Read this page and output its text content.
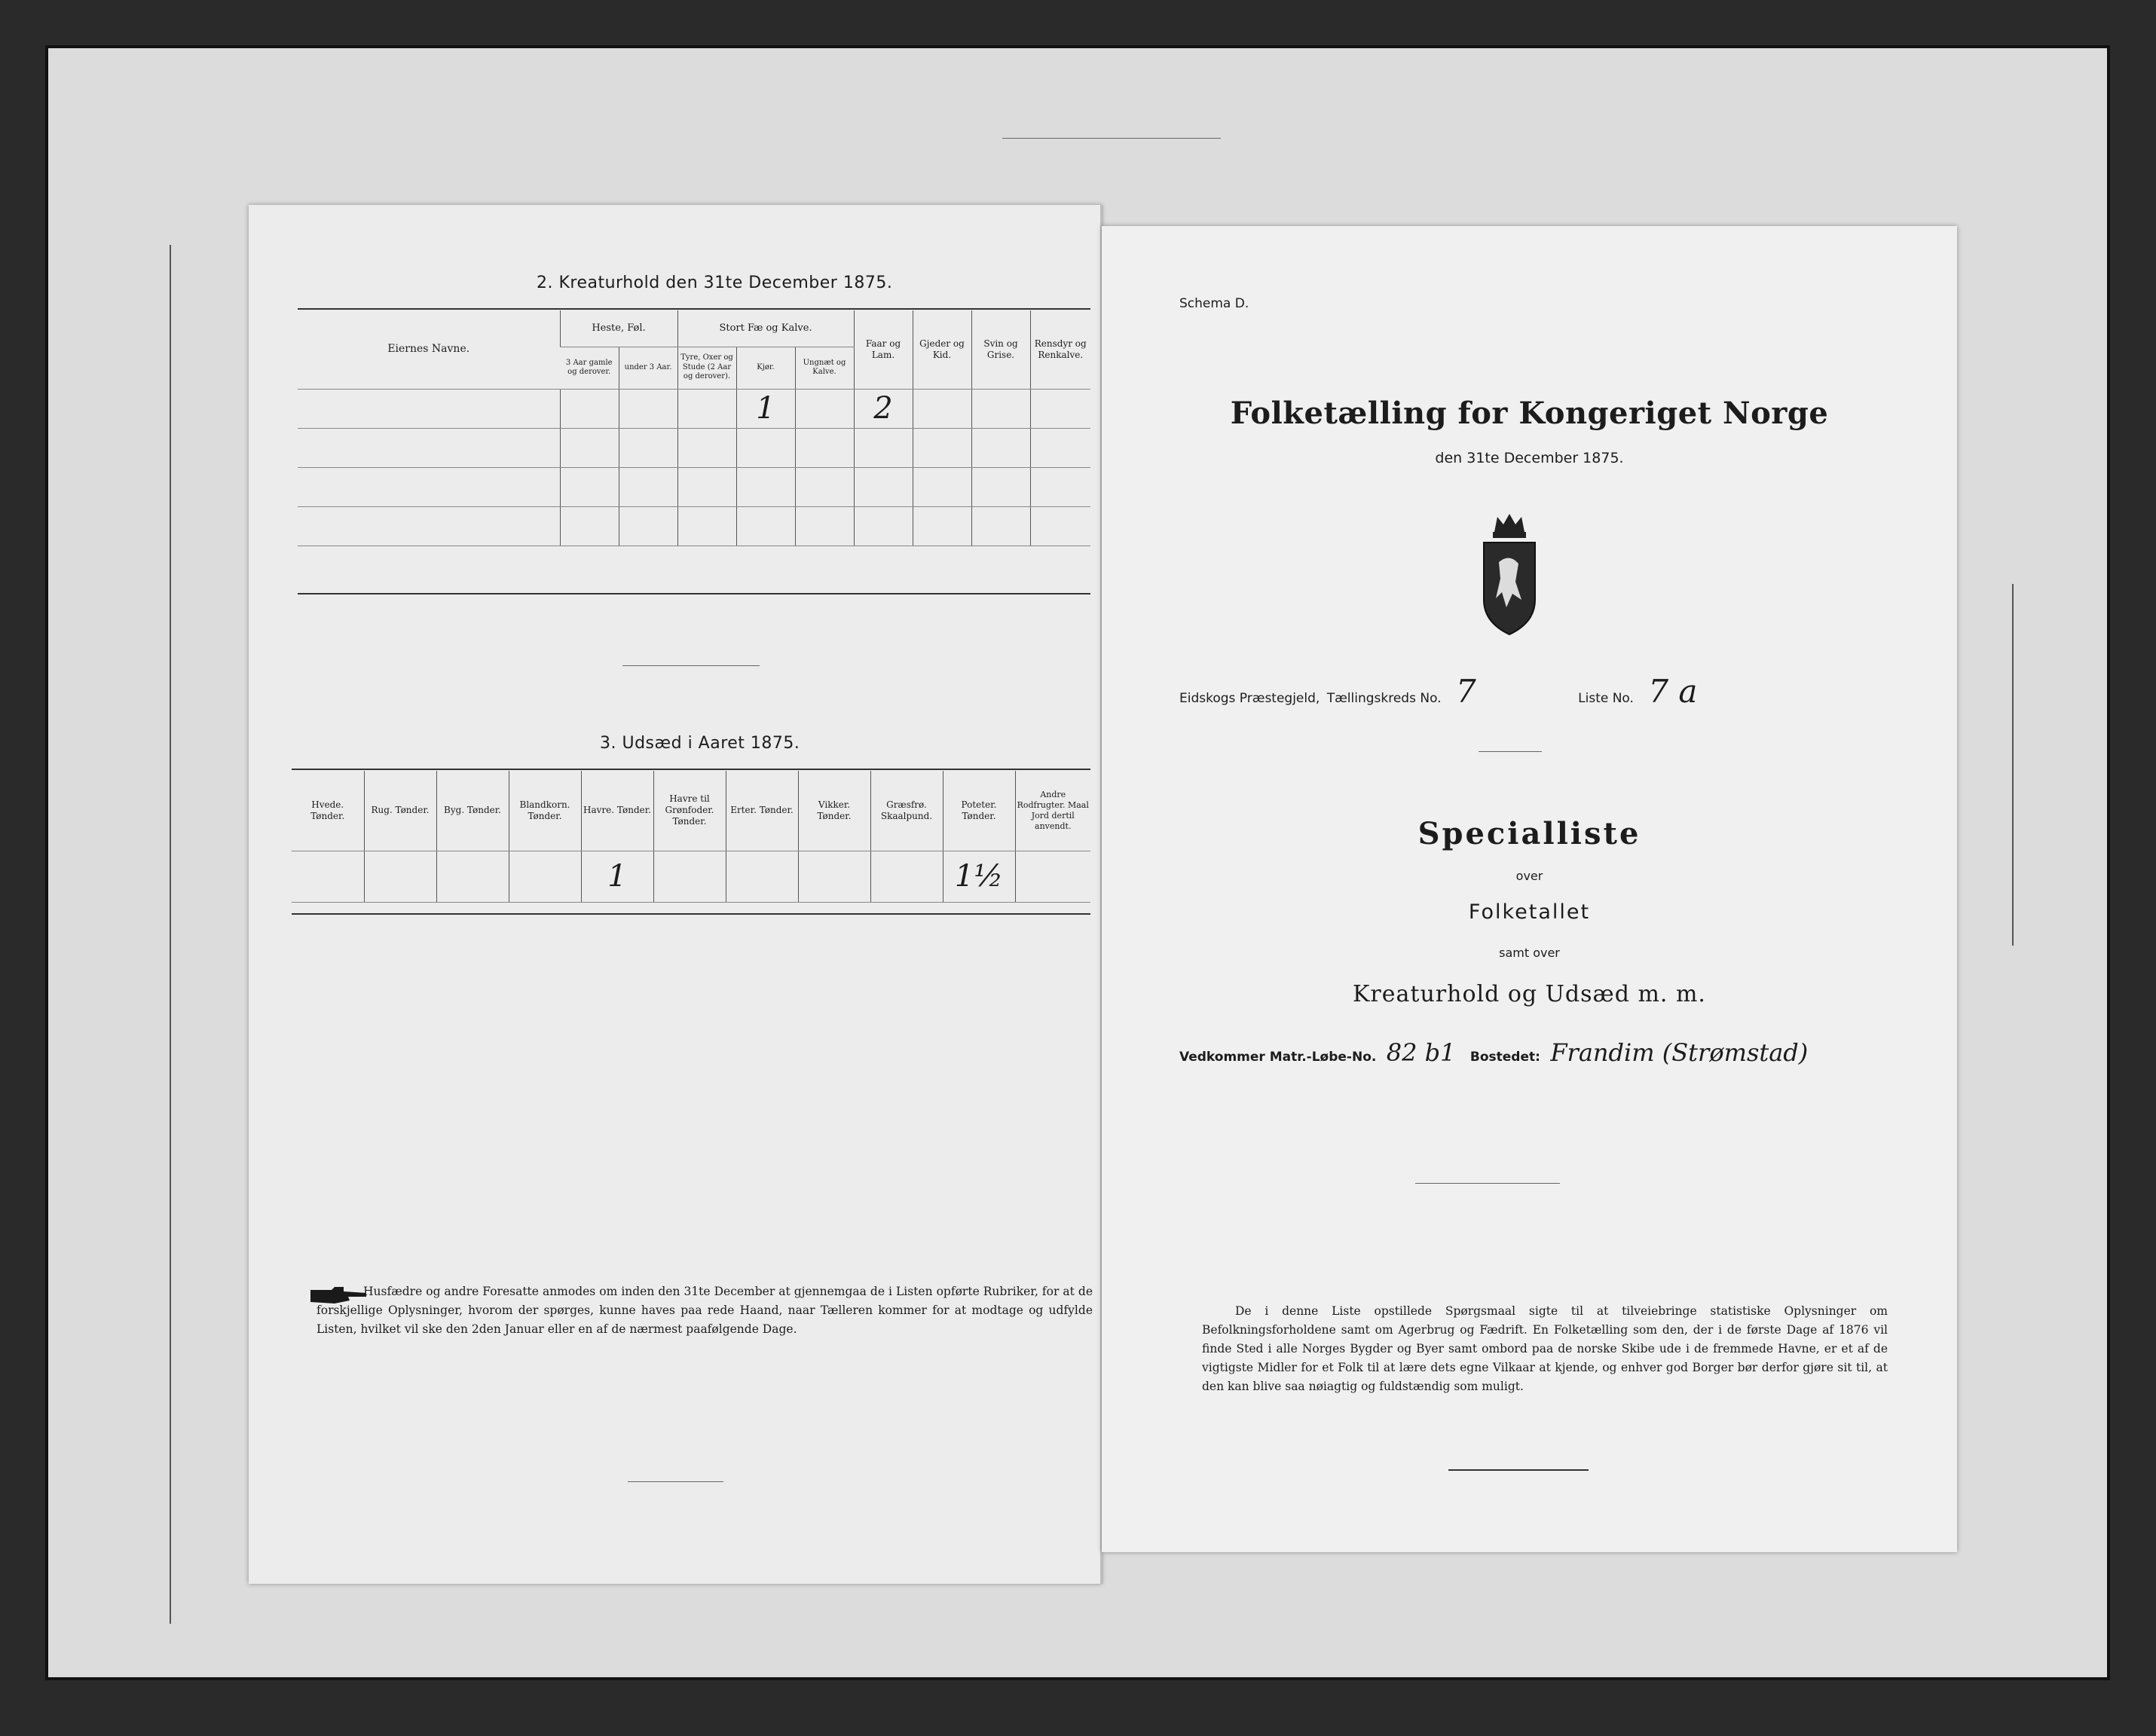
2. Kreaturhold den 31te December 1875.
Eiernes Navne.	Heste, Føl.		Stort Fæ og Kalve.			Faar og Lam.	Gjeder og Kid.	Svin og Grise.	Rensdyr og Renkalve.
	3 Aar gamle og derover.	under 3 Aar.	Tyre, Oxer og Stude (2 Aar og derover).	Kjør.	Ungnæt og Kalve.				
				1		2			

3. Udsæd i Aaret 1875.
Hvede. Tønder.	Rug. Tønder.	Byg. Tønder.	Blandkorn. Tønder.	Havre. Tønder.	Havre til Grønfoder. Tønder.	Erter. Tønder.	Vikker. Tønder.	Græsfrø. Skaalpund.	Poteter. Tønder.	Andre Rodfrugter. Maal Jord dertil anvendt.
				1					1½	
Husfædre og andre Foresatte anmodes om inden den 31te December at gjennemgaa de i Listen opførte Rubriker, for at de forskjellige Oplysninger, hvorom der spørges, kunne haves paa rede Haand, naar Tælleren kommer for at modtage og udfylde Listen, hvilket vil ske den 2den Januar eller en af de nærmest paafølgende Dage.
Schema D.
Folketælling for Kongeriget Norge
den 31te December 1875.
Eidskogs Præstegjeld, Tællingskreds No. 7	Liste No. 7 a
Specialliste
over
Folketallet
samt over
Kreaturhold og Udsæd m. m.
Vedkommer Matr.-Løbe-No. 82 b1 Bostedet: Frandim (Strømstad)
De i denne Liste opstillede Spørgsmaal sigte til at tilveiebringe statistiske Oplysninger om Befolkningsforholdene samt om Agerbrug og Fædrift. En Folketælling som den, der i de første Dage af 1876 vil finde Sted i alle Norges Bygder og Byer samt ombord paa de norske Skibe ude i de fremmede Havne, er et af de vigtigste Midler for et Folk til at lære dets egne Vilkaar at kjende, og enhver god Borger bør derfor gjøre sit til, at den kan blive saa nøiagtig og fuldstændig som muligt.
